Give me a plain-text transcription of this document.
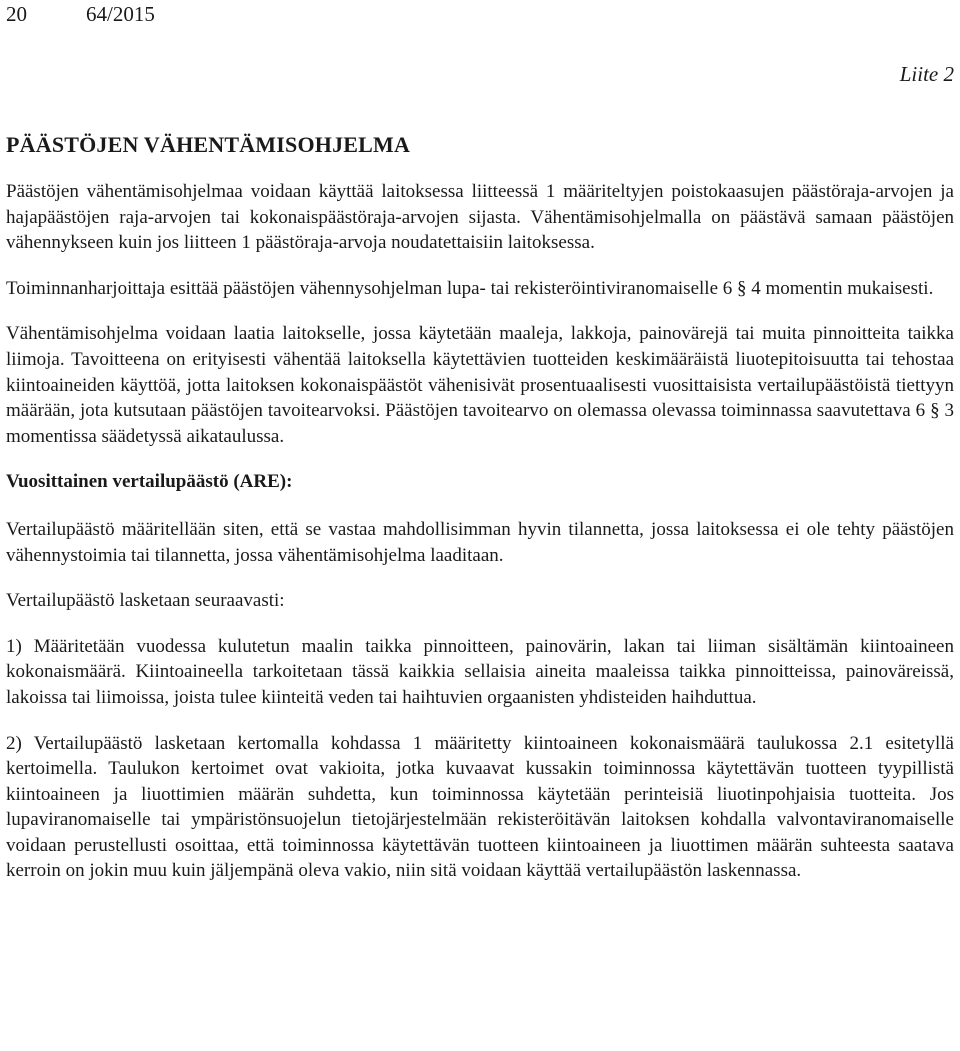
20	64/2015
Liite 2
PÄÄSTÖJEN VÄHENTÄMISOHJELMA

Päästöjen vähentämisohjelmaa voidaan käyttää laitoksessa liitteessä 1 määriteltyjen poistokaasujen päästöraja-arvojen ja hajapäästöjen raja-arvojen tai kokonaispäästöraja-arvojen sijasta. Vähentämisohjelmalla on päästävä samaan päästöjen vähennykseen kuin jos liitteen 1 päästöraja-arvoja noudatettaisiin laitoksessa.

Toiminnanharjoittaja esittää päästöjen vähennysohjelman lupa- tai rekisteröintiviranomaiselle 6 § 4 momentin mukaisesti.

Vähentämisohjelma voidaan laatia laitokselle, jossa käytetään maaleja, lakkoja, painovärejä tai muita pinnoitteita taikka liimoja. Tavoitteena on erityisesti vähentää laitoksella käytettävien tuotteiden keskimääräistä liuotepitoisuutta tai tehostaa kiintoaineiden käyttöä, jotta laitoksen kokonaispäästöt vähenisivät prosentuaalisesti vuosittaisista vertailupäästöistä tiettyyn määrään, jota kutsutaan päästöjen tavoitearvoksi. Päästöjen tavoitearvo on olemassa olevassa toiminnassa saavutettava 6 § 3 momentissa säädetyssä aikataulussa.

Vuosittainen vertailupäästö (ARE):

Vertailupäästö määritellään siten, että se vastaa mahdollisimman hyvin tilannetta, jossa laitoksessa ei ole tehty päästöjen vähennystoimia tai tilannetta, jossa vähentämisohjelma laaditaan.

Vertailupäästö lasketaan seuraavasti:

1) Määritetään vuodessa kulutetun maalin taikka pinnoitteen, painovärin, lakan tai liiman sisältämän kiintoaineen kokonaismäärä. Kiintoaineella tarkoitetaan tässä kaikkia sellaisia aineita maaleissa taikka pinnoitteissa, painoväreissä, lakoissa tai liimoissa, joista tulee kiinteitä veden tai haihtuvien orgaanisten yhdisteiden haihduttua.

2) Vertailupäästö lasketaan kertomalla kohdassa 1 määritetty kiintoaineen kokonaismäärä taulukossa 2.1 esitetyllä kertoimella. Taulukon kertoimet ovat vakioita, jotka kuvaavat kussakin toiminnossa käytettävän tuotteen tyypillistä kiintoaineen ja liuottimien määrän suhdetta, kun toiminnossa käytetään perinteisiä liuotinpohjaisia tuotteita. Jos lupaviranomaiselle tai ympäristönsuojelun tietojärjestelmään rekisteröitävän laitoksen kohdalla valvontaviranomaiselle voidaan perustellusti osoittaa, että toiminnossa käytettävän tuotteen kiintoaineen ja liuottimen määrän suhteesta saatava kerroin on jokin muu kuin jäljempänä oleva vakio, niin sitä voidaan käyttää vertailupäästön laskennassa.
